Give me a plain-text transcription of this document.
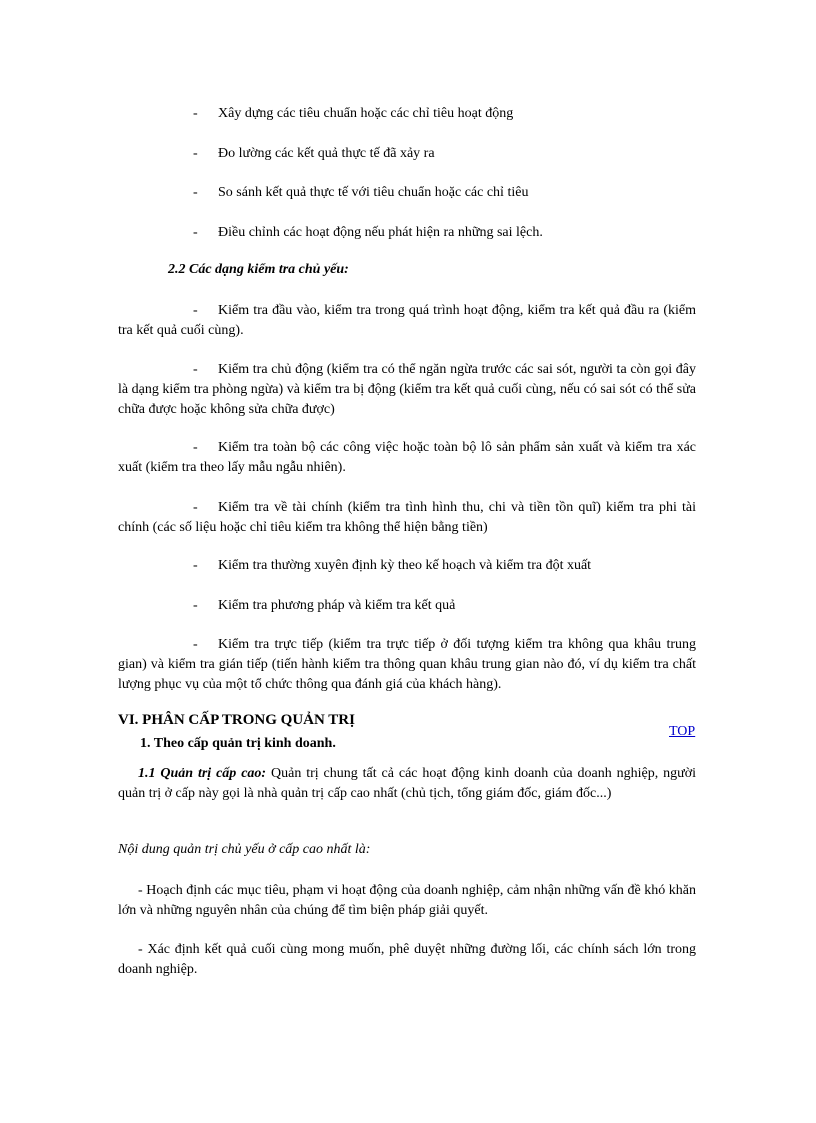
- Xây dựng các tiêu chuẩn hoặc các chỉ tiêu hoạt động
- Đo lường các kết quả thực tế đã xảy ra
- So sánh kết quả thực tế với tiêu chuẩn hoặc các chỉ tiêu
- Điều chỉnh các hoạt động nếu phát hiện ra những sai lệch.
2.2 Các dạng kiểm tra chủ yếu:
- Kiểm tra đầu vào, kiểm tra trong quá trình hoạt động, kiểm tra kết quả đầu ra (kiểm tra kết quả cuối cùng).
- Kiểm tra chủ động (kiểm tra có thể ngăn ngừa trước các sai sót, người ta còn gọi đây là dạng kiểm tra phòng ngừa) và kiểm tra bị động (kiểm tra kết quả cuối cùng, nếu có sai sót có thể sửa chữa được hoặc không sửa chữa được)
- Kiểm tra toàn bộ các công việc hoặc toàn bộ lô sản phẩm sản xuất và kiểm tra xác xuất (kiểm tra theo lấy mẫu ngẫu nhiên).
- Kiểm tra về tài chính (kiểm tra tình hình thu, chi và tiền tồn quĩ) kiểm tra phi tài chính (các số liệu hoặc chỉ tiêu kiểm tra không thể hiện bằng tiền)
- Kiểm tra thường xuyên định kỳ theo kế hoạch và kiểm tra đột xuất
- Kiểm tra phương pháp và kiểm tra kết quả
- Kiểm tra trực tiếp (kiểm tra trực tiếp ở đối tượng kiểm tra không qua khâu trung gian) và kiểm tra gián tiếp (tiến hành kiểm tra thông quan khâu trung gian nào đó, ví dụ kiểm tra chất lượng phục vụ của một tổ chức thông qua đánh giá của khách hàng).
VI. PHÂN CẤP TRONG QUẢN TRỊ
1. Theo cấp quản trị kinh doanh.
TOP
1.1 Quản trị cấp cao: Quản trị chung tất cả các hoạt động kinh doanh của doanh nghiệp, người quản trị ở cấp này gọi là nhà quản trị cấp cao nhất (chủ tịch, tổng giám đốc, giám đốc...)
Nội dung quản trị chủ yếu ở cấp cao nhất là:
- Hoạch định các mục tiêu, phạm vi hoạt động của doanh nghiệp, cảm nhận những vấn đề khó khăn lớn và những nguyên nhân của chúng để tìm biện pháp giải quyết.
- Xác định kết quả cuối cùng mong muốn, phê duyệt những đường lối, các chính sách lớn trong doanh nghiệp.
